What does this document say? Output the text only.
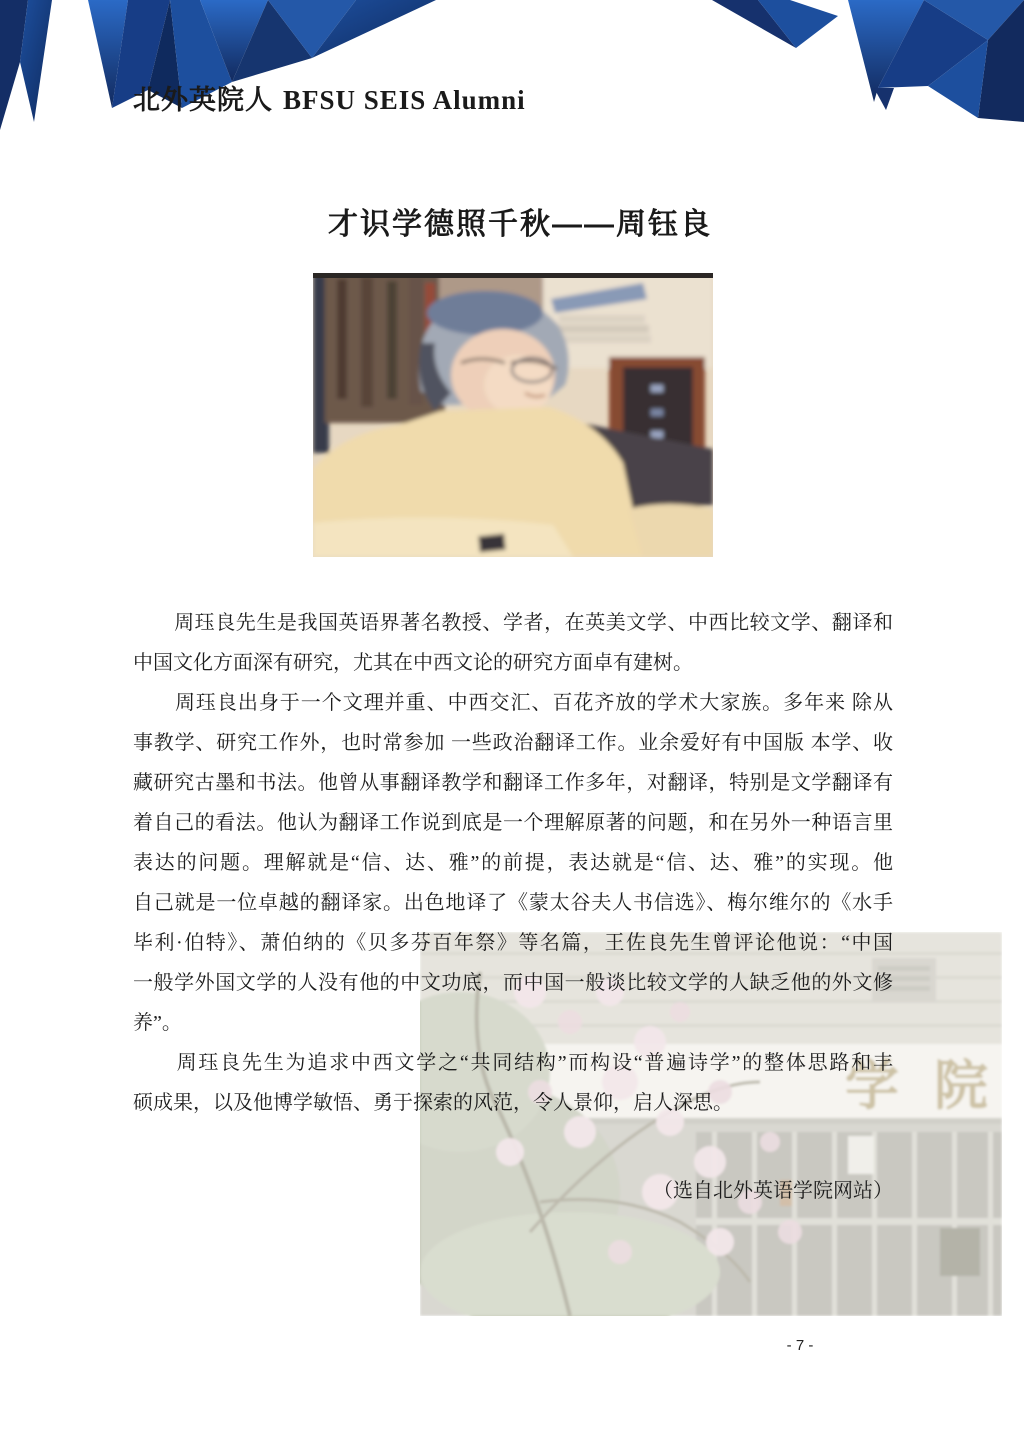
北外英院人 BFSU SEIS Alumni
才识学德照千秋——周钰良
学 院
　　周珏良先生是我国英语界著名教授、学者，在英美文学、中西比较文学、翻译和
中国文化方面深有研究，尤其在中西文论的研究方面卓有建树。
　　周珏良出身于一个文理并重、中西交汇、百花齐放的学术大家族。多年来 除从
事教学、研究工作外，也时常参加 一些政治翻译工作。业余爱好有中国版 本学、收
藏研究古墨和书法。他曾从事翻译教学和翻译工作多年，对翻译，特别是文学翻译有
着自己的看法。他认为翻译工作说到底是一个理解原著的问题，和在另外一种语言里
表达的问题。理解就是“信、达、雅”的前提，表达就是“信、达、雅”的实现。他
自己就是一位卓越的翻译家。出色地译了《蒙太谷夫人书信选》、梅尔维尔的《水手
毕利·伯特》、萧伯纳的《贝多芬百年祭》等名篇，王佐良先生曾评论他说：“中国
一般学外国文学的人没有他的中文功底，而中国一般谈比较文学的人缺乏他的外文修
养”。
　　周珏良先生为追求中西文学之“共同结构”而构设“普遍诗学”的整体思路和丰
硕成果，以及他博学敏悟、勇于探索的风范，令人景仰，启人深思。
（选自北外英语学院网站）
- 7 -
